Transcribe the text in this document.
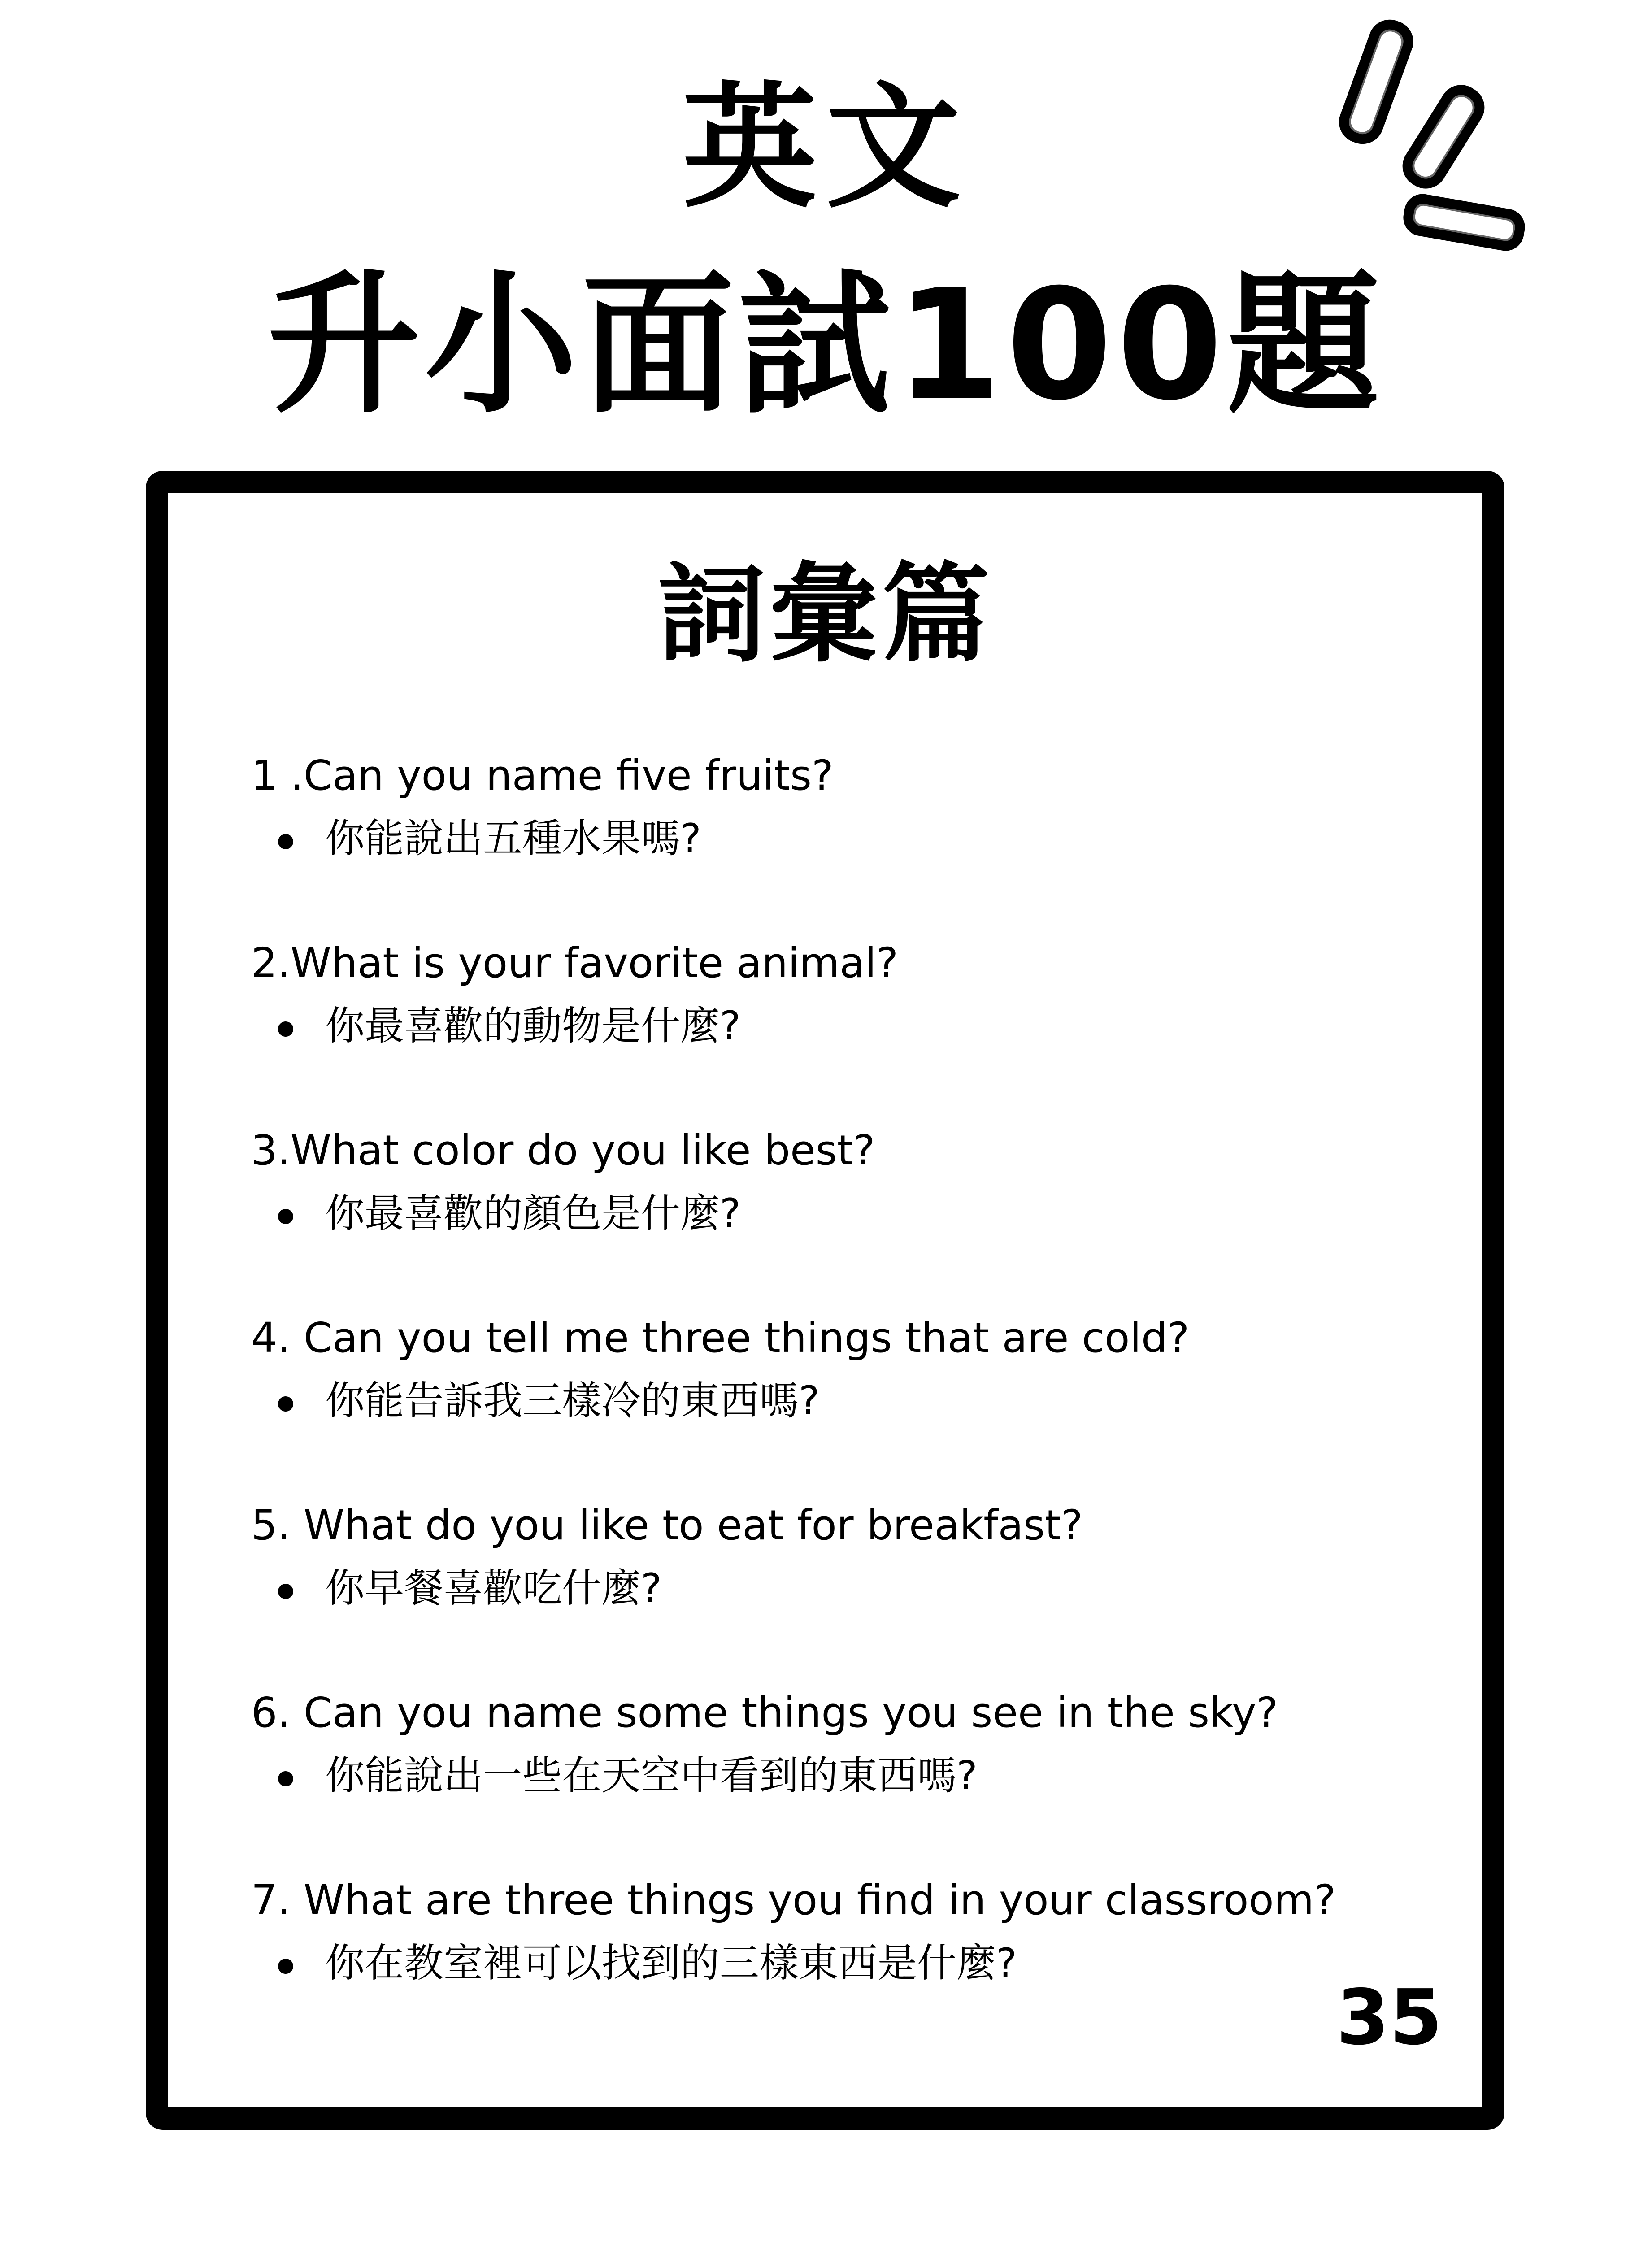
英文
升小面試100題
詞彙篇
1 .Can you name five fruits?
你能說出五種水果嗎?
2.What is your favorite animal?
你最喜歡的動物是什麼?
3.What color do you like best?
你最喜歡的顏色是什麼?
4. Can you tell me three things that are cold?
你能告訴我三樣冷的東西嗎?
5. What do you like to eat for breakfast?
你早餐喜歡吃什麼?
6. Can you name some things you see in the sky?
你能說出一些在天空中看到的東西嗎?
7. What are three things you find in your classroom?
你在教室裡可以找到的三樣東西是什麼?
35
